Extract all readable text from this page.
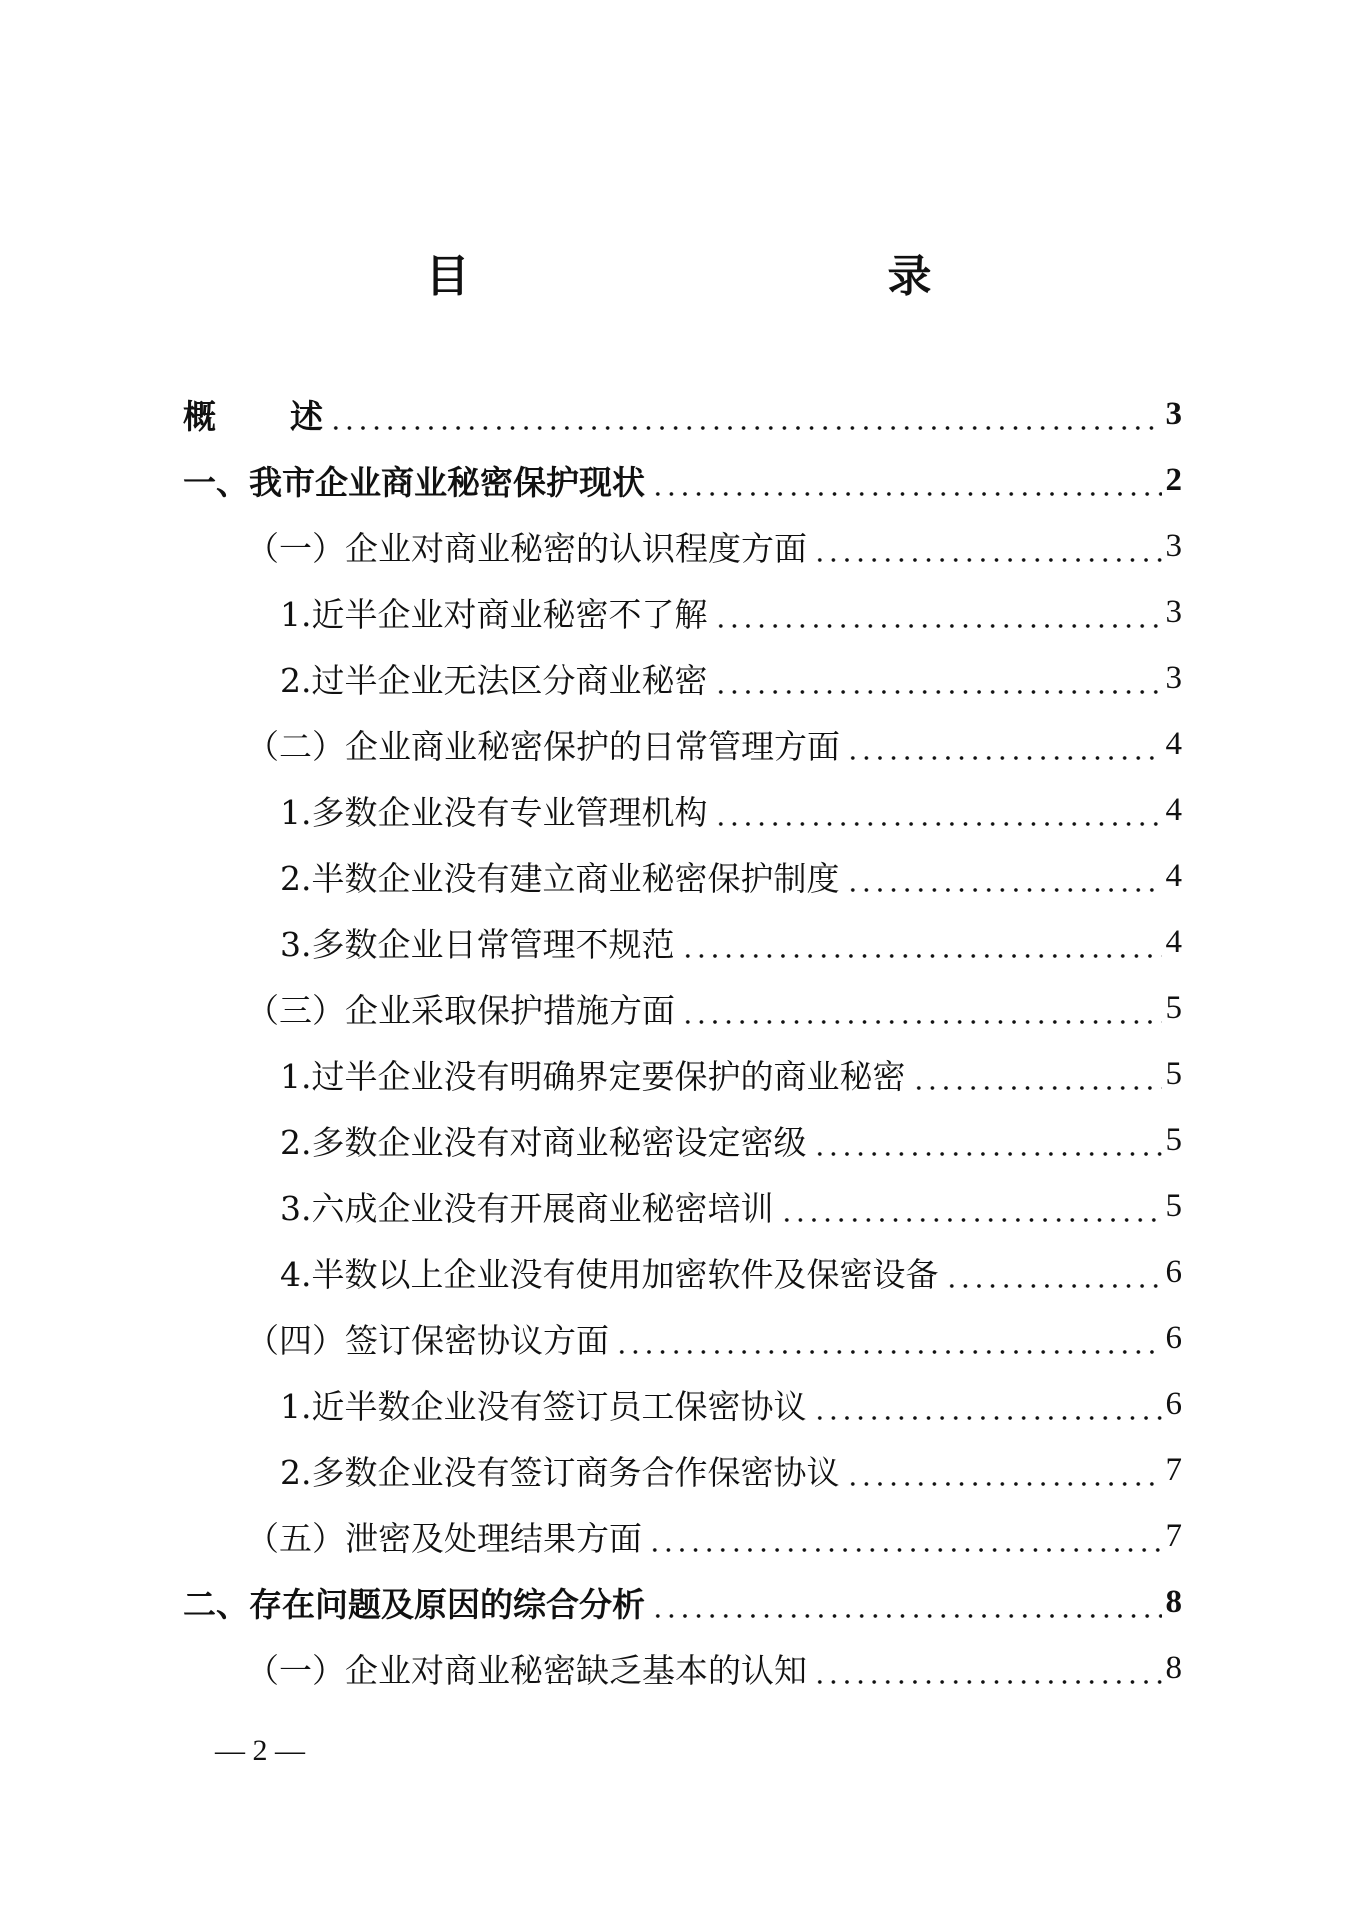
目　　录
概 述	3
一、我市企业商业秘密保护现状	2
（一）企业对商业秘密的认识程度方面	3
1.近半企业对商业秘密不了解	3
2.过半企业无法区分商业秘密	3
（二）企业商业秘密保护的日常管理方面	4
1.多数企业没有专业管理机构	4
2.半数企业没有建立商业秘密保护制度	4
3.多数企业日常管理不规范	4
（三）企业采取保护措施方面	5
1.过半企业没有明确界定要保护的商业秘密	5
2.多数企业没有对商业秘密设定密级	5
3.六成企业没有开展商业秘密培训	5
4.半数以上企业没有使用加密软件及保密设备	6
（四）签订保密协议方面	6
1.近半数企业没有签订员工保密协议	6
2.多数企业没有签订商务合作保密协议	7
（五）泄密及处理结果方面	7
二、存在问题及原因的综合分析	8
（一）企业对商业秘密缺乏基本的认知	8
— 2 —
